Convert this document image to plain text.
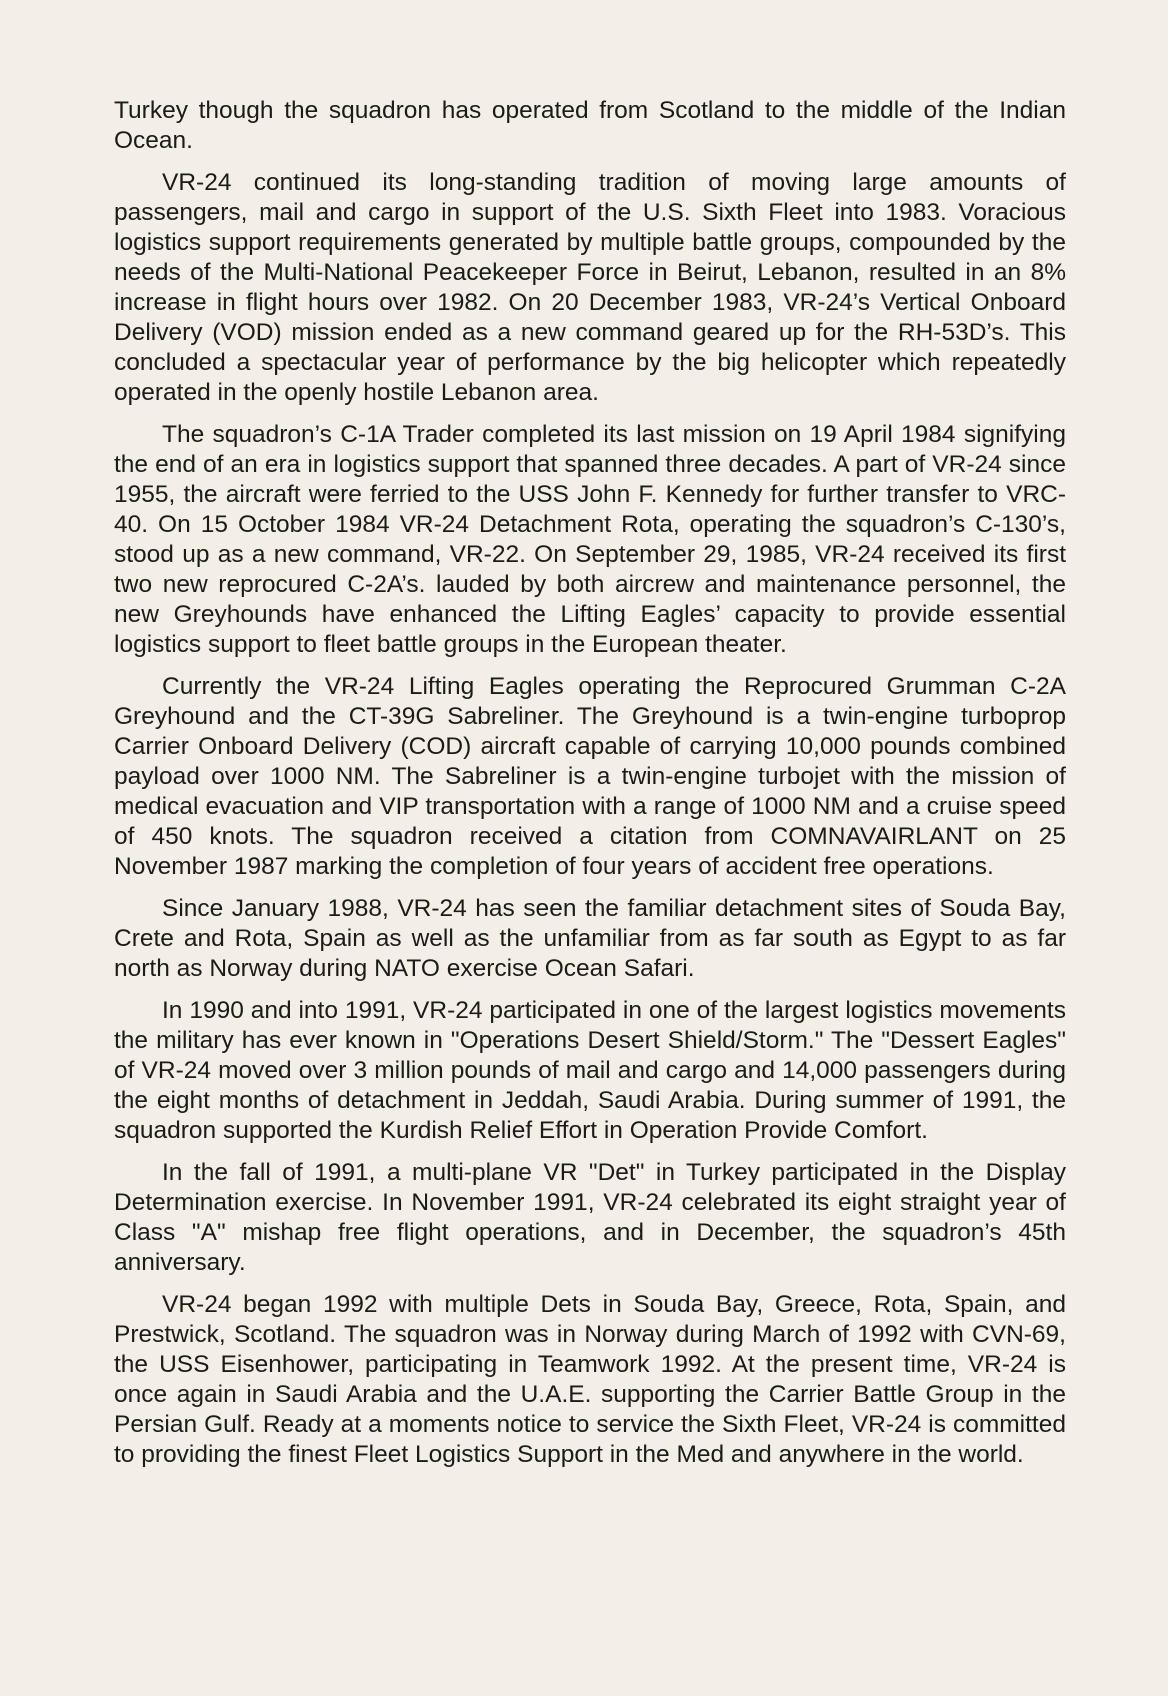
Turkey though the squadron has operated from Scotland to the middle of the Indian Ocean.

VR-24 continued its long-standing tradition of moving large amounts of passengers, mail and cargo in support of the U.S. Sixth Fleet into 1983. Voracious logistics support requirements generated by multiple battle groups, compounded by the needs of the Multi-National Peacekeeper Force in Beirut, Lebanon, resulted in an 8% increase in flight hours over 1982. On 20 December 1983, VR-24’s Vertical Onboard Delivery (VOD) mission ended as a new command geared up for the RH-53D’s. This concluded a spectacular year of performance by the big helicopter which repeatedly operated in the openly hostile Lebanon area.

The squadron’s C-1A Trader completed its last mission on 19 April 1984 signifying the end of an era in logistics support that spanned three decades. A part of VR-24 since 1955, the aircraft were ferried to the USS John F. Kennedy for further transfer to VRC-40. On 15 October 1984 VR-24 Detachment Rota, operating the squadron’s C-130’s, stood up as a new command, VR-22. On September 29, 1985, VR-24 received its first two new reprocured C-2A’s. lauded by both aircrew and maintenance personnel, the new Greyhounds have enhanced the Lifting Eagles’ capacity to provide essential logistics support to fleet battle groups in the European theater.

Currently the VR-24 Lifting Eagles operating the Reprocured Grumman C-2A Greyhound and the CT-39G Sabreliner. The Greyhound is a twin-engine turboprop Carrier Onboard Delivery (COD) aircraft capable of carrying 10,000 pounds combined payload over 1000 NM. The Sabreliner is a twin-engine turbojet with the mission of medical evacuation and VIP transportation with a range of 1000 NM and a cruise speed of 450 knots. The squadron received a citation from COMNAVAIRLANT on 25 November 1987 marking the completion of four years of accident free operations.

Since January 1988, VR-24 has seen the familiar detachment sites of Souda Bay, Crete and Rota, Spain as well as the unfamiliar from as far south as Egypt to as far north as Norway during NATO exercise Ocean Safari.

In 1990 and into 1991, VR-24 participated in one of the largest logistics movements the military has ever known in "Operations Desert Shield/Storm." The "Dessert Eagles" of VR-24 moved over 3 million pounds of mail and cargo and 14,000 passengers during the eight months of detachment in Jeddah, Saudi Arabia. During summer of 1991, the squadron supported the Kurdish Relief Effort in Operation Provide Comfort.

In the fall of 1991, a multi-plane VR "Det" in Turkey participated in the Display Determination exercise. In November 1991, VR-24 celebrated its eight straight year of Class "A" mishap free flight operations, and in December, the squadron’s 45th anniversary.

VR-24 began 1992 with multiple Dets in Souda Bay, Greece, Rota, Spain, and Prestwick, Scotland. The squadron was in Norway during March of 1992 with CVN-69, the USS Eisenhower, participating in Teamwork 1992. At the present time, VR-24 is once again in Saudi Arabia and the U.A.E. supporting the Carrier Battle Group in the Persian Gulf. Ready at a moments notice to service the Sixth Fleet, VR-24 is committed to providing the finest Fleet Logistics Support in the Med and anywhere in the world.
